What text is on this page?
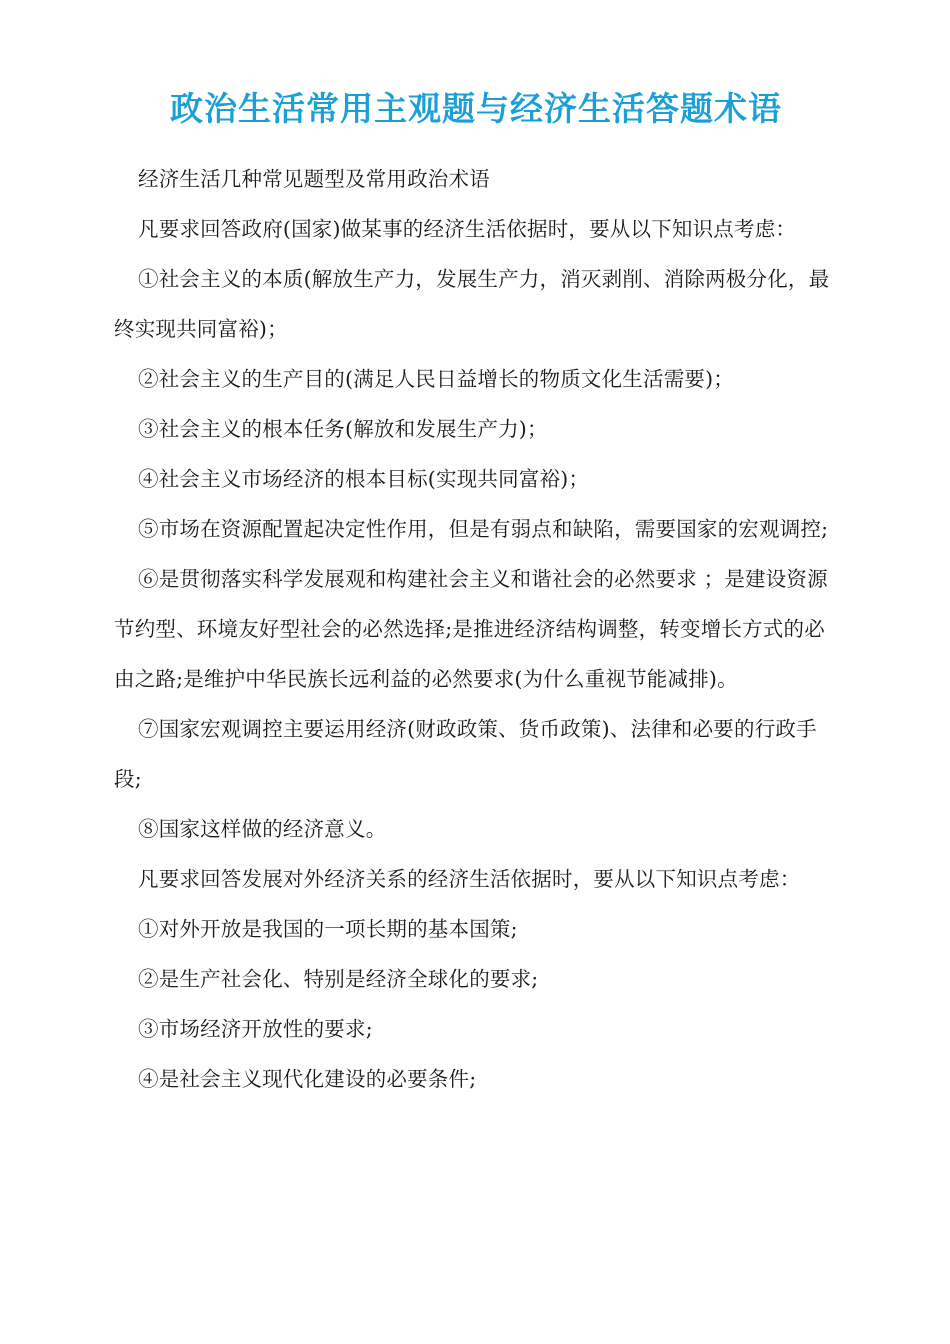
政治生活常用主观题与经济生活答题术语

经济生活几种常见题型及常用政治术语

凡要求回答政府(国家)做某事的经济生活依据时，要从以下知识点考虑：

①社会主义的本质(解放生产力，发展生产力，消灭剥削、消除两极分化，最终实现共同富裕)；

②社会主义的生产目的(满足人民日益增长的物质文化生活需要)；

③社会主义的根本任务(解放和发展生产力)；

④社会主义市场经济的根本目标(实现共同富裕)；

⑤市场在资源配置起决定性作用，但是有弱点和缺陷，需要国家的宏观调控;

⑥是贯彻落实科学发展观和构建社会主义和谐社会的必然要求 ；是建设资源节约型、环境友好型社会的必然选择;是推进经济结构调整，转变增长方式的必由之路;是维护中华民族长远利益的必然要求(为什么重视节能减排)。

⑦国家宏观调控主要运用经济(财政政策、货币政策)、法律和必要的行政手段;

⑧国家这样做的经济意义。

凡要求回答发展对外经济关系的经济生活依据时，要从以下知识点考虑：

①对外开放是我国的一项长期的基本国策;

②是生产社会化、特别是经济全球化的要求;

③市场经济开放性的要求;

④是社会主义现代化建设的必要条件;
